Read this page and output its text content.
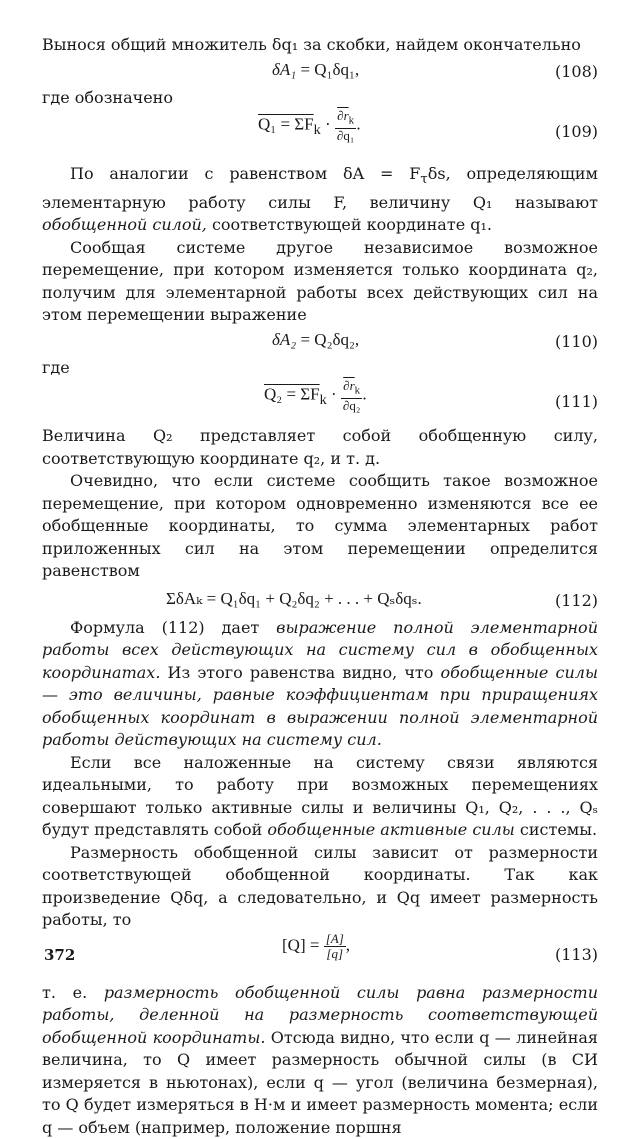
Вынося общий множитель δq₁ за скобки, найдем окончательно

δA₁ = Q₁δq₁,	(108)

где обозначено

$Q_1 = \Sigma F_k \cdot \frac{\partial r_k}{\text{∂q₁}}$ .	(109)

По аналогии с равенством $\delta A = F_\tau\delta s$, определяющим элементарную работу силы F, величину Q₁ называют обобщенной силой, соответствующей координате q₁.

Сообщая системе другое независимое возможное перемещение, при котором изменяется только координата q₂, получим для элементарной работы всех действующих сил на этом перемещении выражение

δA₂ = Q₂δq₂,	(110)

где

$Q_2 = \Sigma F_k \cdot \frac{\partial r_k}{\text{∂q₂}}$ .	(111)

Величина Q₂ представляет собой обобщенную силу, соответствующую координате q₂, и т. д.

Очевидно, что если системе сообщить такое возможное перемещение, при котором одновременно изменяются все ее обобщенные координаты, то сумма элементарных работ приложенных сил на этом перемещении определится равенством

ΣδAₖ = Q₁δq₁ + Q₂δq₂ + . . . + Qₛδqₛ.	(112)

Формула (112) дает выражение полной элементарной работы всех действующих на систему сил в обобщенных координатах. Из этого равенства видно, что обобщенные силы — это величины, равные коэффициентам при приращениях обобщенных координат в выражении полной элементарной работы действующих на систему сил.

Если все наложенные на систему связи являются идеальными, то работу при возможных перемещениях совершают только активные силы и величины Q₁, Q₂, . . ., Qₛ будут представлять собой обобщенные активные силы системы.

Размерность обобщенной силы зависит от размерности соответствующей обобщенной координаты. Так как произведение Qδq, а следовательно, и Qq имеет размерность работы, то

$[Q] = \frac{[A]}{[q]}$ ,
(113)

т. е. размерность обобщенной силы равна размерности работы, деленной на размерность соответствующей обобщенной координаты. Отсюда видно, что если q — линейная величина, то Q имеет размерность обычной силы (в СИ измеряется в ньютонах), если q — угол (величина безмерная), то Q будет измеряться в Н·м и имеет размерность момента; если q — объем (например, положение поршня

372
